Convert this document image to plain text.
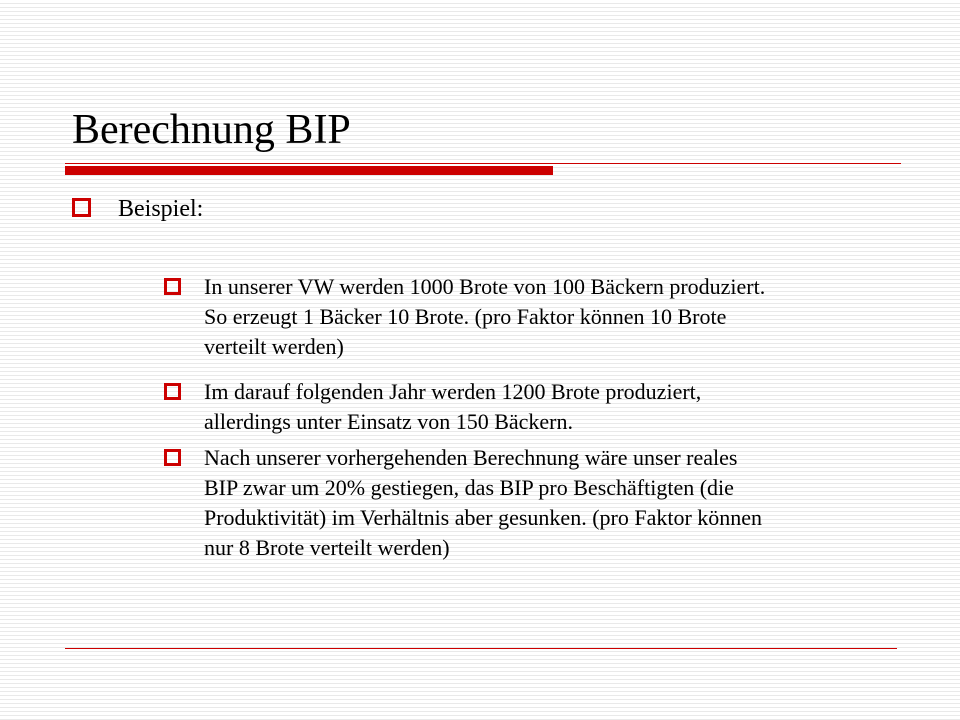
Berechnung BIP
Beispiel:
In unserer VW werden 1000 Brote von 100 Bäckern produziert.
So erzeugt 1 Bäcker 10 Brote. (pro Faktor können 10 Brote
verteilt werden)
Im darauf folgenden Jahr werden 1200 Brote produziert,
allerdings unter Einsatz von 150 Bäckern.
Nach unserer vorhergehenden Berechnung wäre unser reales
BIP zwar um 20% gestiegen, das BIP pro Beschäftigten (die
Produktivität) im Verhältnis aber gesunken. (pro Faktor können
nur 8 Brote verteilt werden)
